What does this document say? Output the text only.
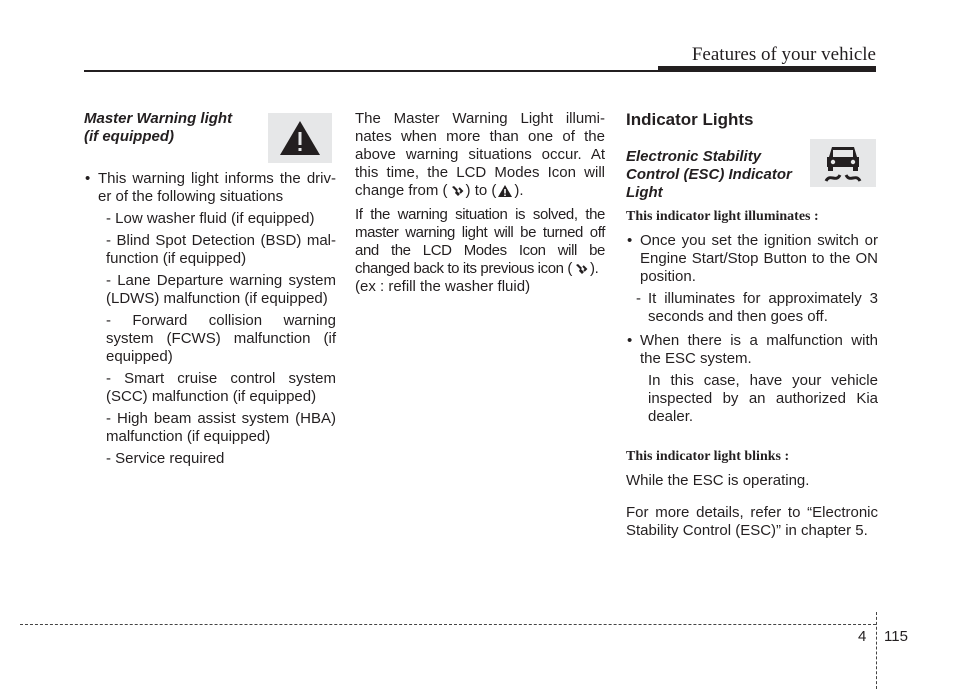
Features of your vehicle

Master Warning light
(if equipped)

• This warning light informs the driv-er of the following situations

- Low washer fluid (if equipped)

- Blind Spot Detection (BSD) mal-function (if equipped)

- Lane Departure warning system (LDWS) malfunction (if equipped)

- Forward collision warning system (FCWS) malfunction (if equipped)

- Smart cruise control system (SCC) malfunction (if equipped)

- High beam assist system (HBA) malfunction (if equipped)

- Service required

The Master Warning Light illumi-nates when more than one of the above warning situations occur. At this time, the LCD Modes Icon will change from ( ) to ( ).

If the warning situation is solved, the master warning light will be turned off and the LCD Modes Icon will be changed back to its previous icon ( ).

(ex : refill the washer fluid)

Indicator Lights

Electronic Stability
Control (ESC) Indicator
Light

This indicator light illuminates :

• Once you set the ignition switch or Engine Start/Stop Button to the ON position.

- It illuminates for approximately 3 seconds and then goes off.

• When there is a malfunction with the ESC system.

In this case, have your vehicle inspected by an authorized Kia dealer.

This indicator light blinks :

While the ESC is operating.

For more details, refer to “Electronic Stability Control (ESC)” in chapter 5.

4 115
